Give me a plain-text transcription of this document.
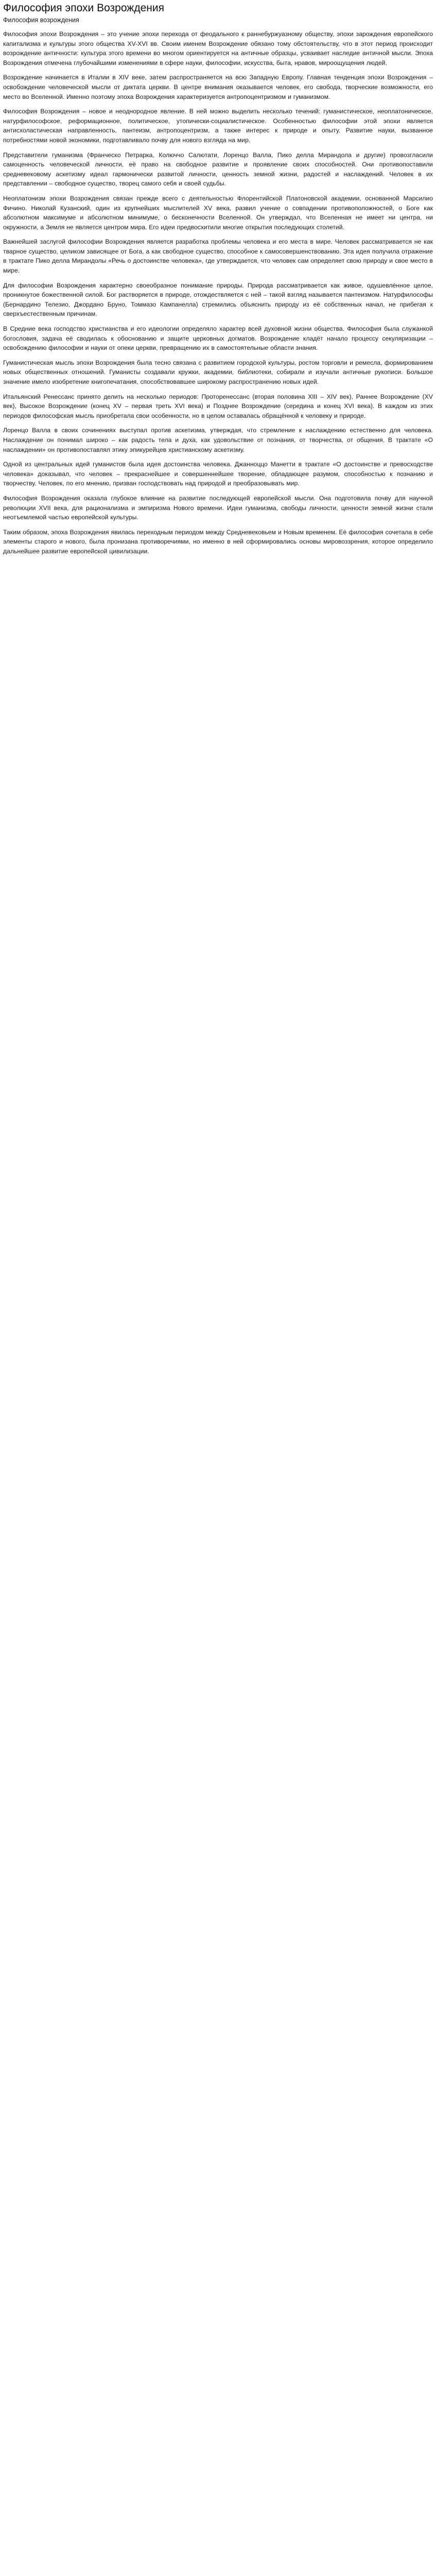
Философия эпохи Возрождения
Философия возрождения

Философия эпохи Возрождения – это учение эпохи перехода от феодального к раннебуржуазному обществу, эпохи зарождения европейского капитализма и культуры этого общества XV-XVI вв. Своим именем Возрождение обязано тому обстоятельству, что в этот период происходит возрождение античности: культура этого времени во многом ориентируется на античные образцы, усваивает наследие античной мысли. Эпоха Возрождения отмечена глубочайшими изменениями в сфере науки, философии, искусства, быта, нравов, мироощущения людей.

Возрождение начинается в Италии в XIV веке, затем распространяется на всю Западную Европу. Главная тенденция эпохи Возрождения – освобождение человеческой мысли от диктата церкви. В центре внимания оказывается человек, его свобода, творческие возможности, его место во Вселенной. Именно поэтому эпоха Возрождения характеризуется антропоцентризмом и гуманизмом.

Философия Возрождения – новое и неоднородное явление. В ней можно выделить несколько течений: гуманистическое, неоплатоническое, натурфилософское, реформационное, политическое, утопически-социалистическое. Особенностью философии этой эпохи является антисхоластическая направленность, пантеизм, антропоцентризм, а также интерес к природе и опыту. Развитие науки, вызванное потребностями новой экономики, подготавливало почву для нового взгляда на мир.

Представители гуманизма (Франческо Петрарка, Колюччо Салютати, Лоренцо Валла, Пико делла Мирандола и другие) провозгласили самоценность человеческой личности, её право на свободное развитие и проявление своих способностей. Они противопоставили средневековому аскетизму идеал гармонически развитой личности, ценность земной жизни, радостей и наслаждений. Человек в их представлении – свободное существо, творец самого себя и своей судьбы.

Неоплатонизм эпохи Возрождения связан прежде всего с деятельностью Флорентийской Платоновской академии, основанной Марсилио Фичино. Николай Кузанский, один из крупнейших мыслителей XV века, развил учение о совпадении противоположностей, о Боге как абсолютном максимуме и абсолютном минимуме, о бесконечности Вселенной. Он утверждал, что Вселенная не имеет ни центра, ни окружности, а Земля не является центром мира. Его идеи предвосхитили многие открытия последующих столетий.

Важнейшей заслугой философии Возрождения является разработка проблемы человека и его места в мире. Человек рассматривается не как тварное существо, целиком зависящее от Бога, а как свободное существо, способное к самосовершенствованию. Эта идея получила отражение в трактате Пико делла Мирандолы «Речь о достоинстве человека», где утверждается, что человек сам определяет свою природу и свое место в мире.

Для философии Возрождения характерно своеобразное понимание природы. Природа рассматривается как живое, одушевлённое целое, проникнутое божественной силой. Бог растворяется в природе, отождествляется с ней – такой взгляд называется пантеизмом. Натурфилософы (Бернардино Телезио, Джордано Бруно, Томмазо Кампанелла) стремились объяснить природу из её собственных начал, не прибегая к сверхъестественным причинам.

В Средние века господство христианства и его идеологии определяло характер всей духовной жизни общества. Философия была служанкой богословия, задача её сводилась к обоснованию и защите церковных догматов. Возрождение кладёт начало процессу секуляризации – освобождению философии и науки от опеки церкви, превращению их в самостоятельные области знания.

Гуманистическая мысль эпохи Возрождения была тесно связана с развитием городской культуры, ростом торговли и ремесла, формированием новых общественных отношений. Гуманисты создавали кружки, академии, библиотеки, собирали и изучали античные рукописи. Большое значение имело изобретение книгопечатания, способствовавшее широкому распространению новых идей.

Итальянский Ренессанс принято делить на несколько периодов: Проторенессанс (вторая половина XIII – XIV век), Раннее Возрождение (XV век), Высокое Возрождение (конец XV – первая треть XVI века) и Позднее Возрождение (середина и конец XVI века). В каждом из этих периодов философская мысль приобретала свои особенности, но в целом оставалась обращённой к человеку и природе.

Лоренцо Валла в своих сочинениях выступал против аскетизма, утверждая, что стремление к наслаждению естественно для человека. Наслаждение он понимал широко – как радость тела и духа, как удовольствие от познания, от творчества, от общения. В трактате «О наслаждении» он противопоставлял этику эпикурейцев христианскому аскетизму.

Одной из центральных идей гуманистов была идея достоинства человека. Джанноццо Манетти в трактате «О достоинстве и превосходстве человека» доказывал, что человек – прекраснейшее и совершеннейшее творение, обладающее разумом, способностью к познанию и творчеству. Человек, по его мнению, призван господствовать над природой и преобразовывать мир.

Философия Возрождения оказала глубокое влияние на развитие последующей европейской мысли. Она подготовила почву для научной революции XVII века, для рационализма и эмпиризма Нового времени. Идеи гуманизма, свободы личности, ценности земной жизни стали неотъемлемой частью европейской культуры.

Таким образом, эпоха Возрождения явилась переходным периодом между Средневековьем и Новым временем. Её философия сочетала в себе элементы старого и нового, была пронизана противоречиями, но именно в ней сформировались основы мировоззрения, которое определило дальнейшее развитие европейской цивилизации.
